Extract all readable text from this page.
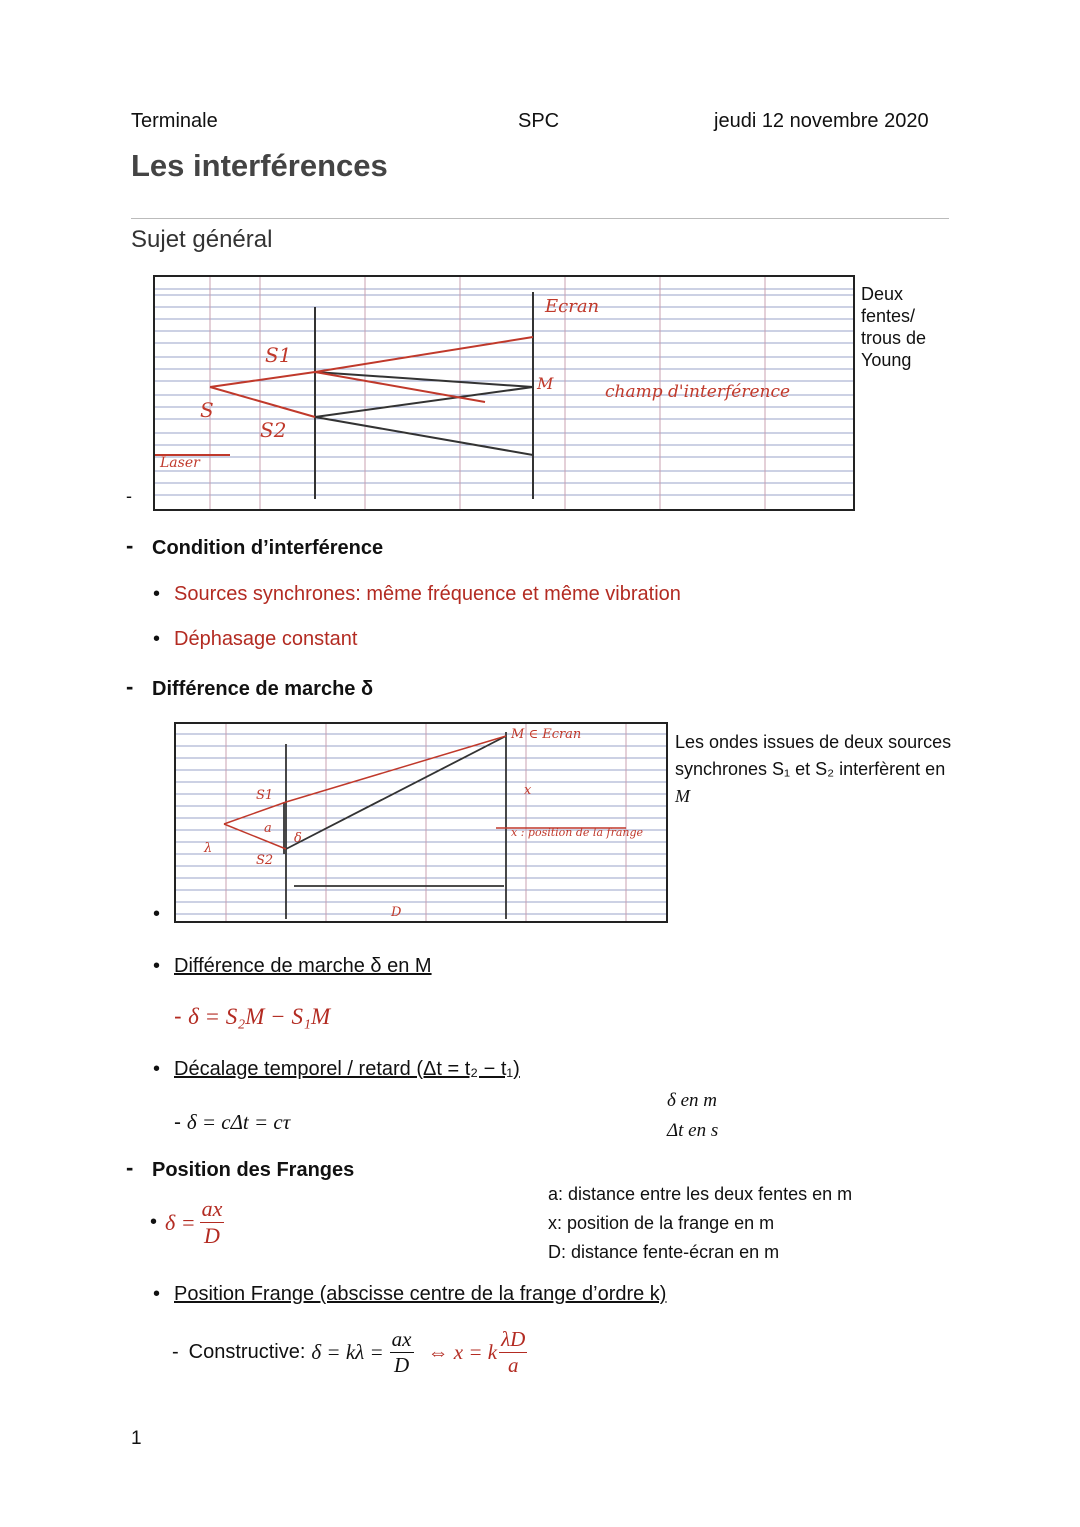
Terminale	SPC	jeudi 12 novembre 2020
Les interférences
Sujet général
-
S
S1
S2
Laser
Ecran
M	champ d'interférence
Deux fentes/ trous de Young
- Condition d’interférence
• Sources synchrones: même fréquence et même vibration
• Déphasage constant
- Différence de marche δ
•
M ∈ Ecran
S1
S2
a
δ
x
x : position de la frange
D
λ
Les ondes issues de deux sources
synchrones S₁ et S₂ interfèrent en
M
• Différence de marche δ en M
- δ = S₂M − S₁M
• Décalage temporel / retard (Δt = t₂ − t₁)
- δ = cΔt = cτ
δ en m
Δt en s
- Position des Franges
• $\delta = \frac{ax}{D}$
a: distance entre les deux fentes en m
x: position de la frange en m
D: distance fente-écran en m
• Position Frange (abscisse centre de la frange d’ordre k)
- Constructive: $\delta = k\lambda = \frac{ax}{D}$ ⇔ x = k $\frac{\lambda D}{a}$
1
